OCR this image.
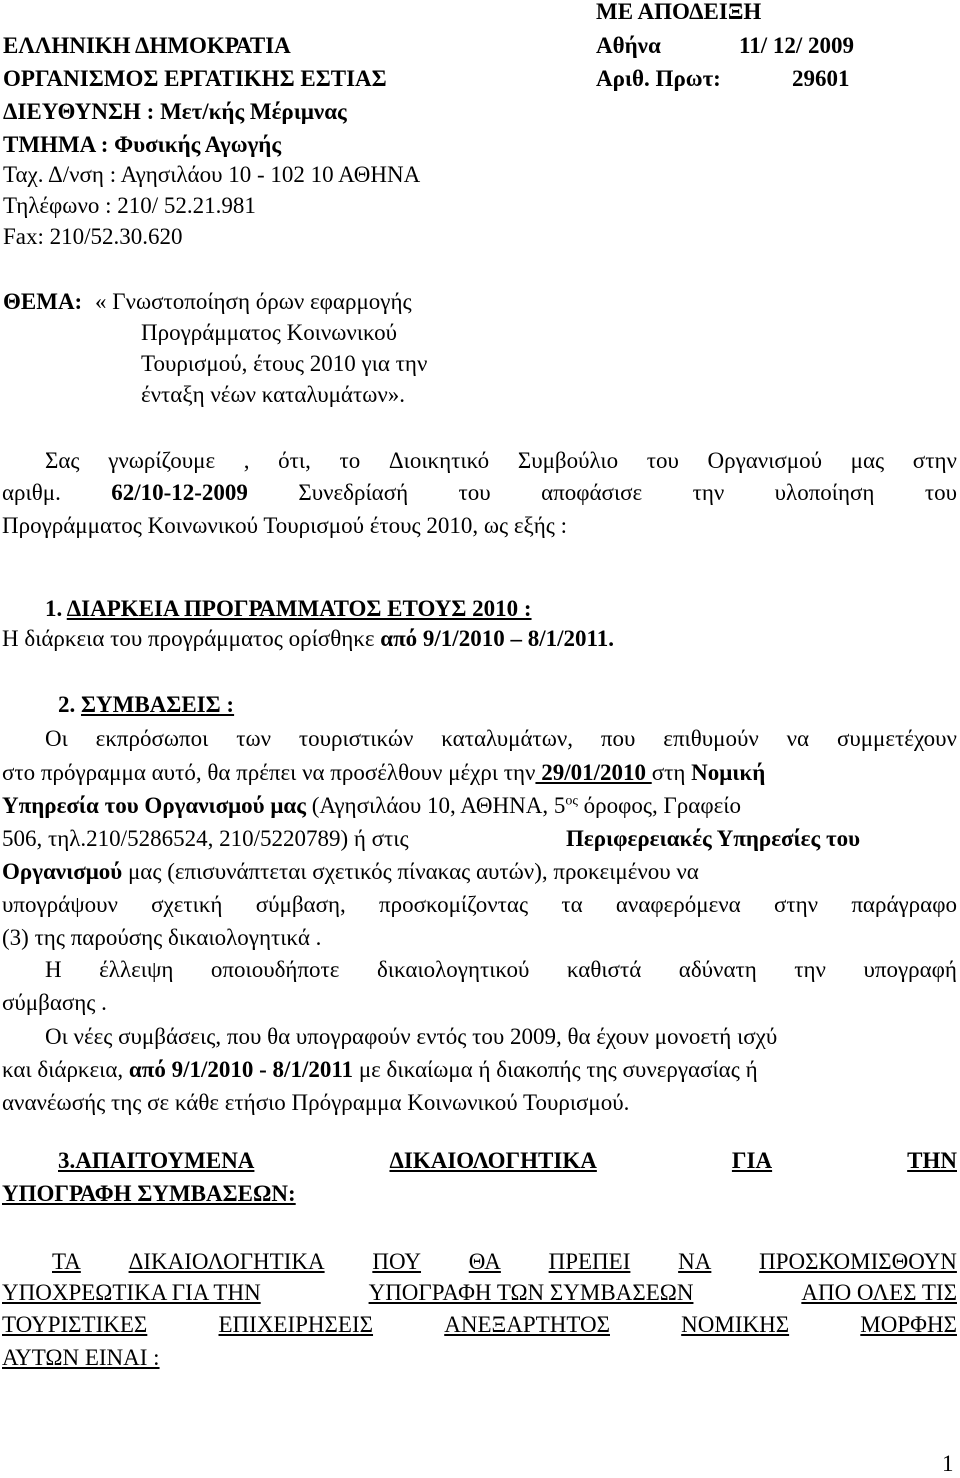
ΜΕ ΑΠΟΔΕΙΞΗ
ΕΛΛΗΝΙΚΗ ΔΗΜΟΚΡΑΤΙΑ
ΟΡΓΑΝΙΣΜΟΣ ΕΡΓΑΤΙΚΗΣ ΕΣΤΙΑΣ
ΔΙΕΥΘΥΝΣΗ : Μετ/κής Μέριμνας
ΤΜΗΜΑ : Φυσικής Αγωγής
Ταχ. Δ/νση : Αγησιλάου 10 - 102 10 ΑΘΗΝΑ
Τηλέφωνο : 210/ 52.21.981
Fax: 210/52.30.620
Αθήνα	11/ 12/ 2009
Αριθ. Πρωτ:	29601
ΘΕΜΑ: « Γνωστοποίηση όρων εφαρμογής
Προγράμματος Κοινωνικού
Τουρισμού, έτους 2010 για την
ένταξη νέων καταλυμάτων».
Σας γνωρίζουμε , ότι, το Διοικητικό Συμβούλιο του Οργανισμού μας στην
αριθμ. 62/10-12-2009 Συνεδρίασή του αποφάσισε την υλοποίηση του
Προγράμματος Κοινωνικού Τουρισμού έτους 2010, ως εξής :
1. ΔΙΑΡΚΕΙΑ ΠΡΟΓΡΑΜΜΑΤΟΣ ΕΤΟΥΣ 2010 :
Η διάρκεια του προγράμματος ορίσθηκε από 9/1/2010 – 8/1/2011.
2. ΣΥΜΒΑΣΕΙΣ :
Οι εκπρόσωποι των τουριστικών καταλυμάτων, που επιθυμούν να συμμετέχουν
στο πρόγραμμα αυτό, θα πρέπει να προσέλθουν μέχρι την 29/01/2010 στη Νομική
Υπηρεσία του Οργανισμού μας (Αγησιλάου 10, ΑΘΗΝΑ, $5^{o\varsigma}$ όροφος, Γραφείο
506, τηλ.210/5286524, 210/5220789) ή στις	Περιφερειακές Υπηρεσίες του
Οργανισμού μας (επισυνάπτεται σχετικός πίνακας αυτών), προκειμένου να
υπογράψουν σχετική σύμβαση, προσκομίζοντας τα αναφερόμενα στην παράγραφο
(3) της παρούσης δικαιολογητικά .
Η έλλειψη οποιουδήποτε δικαιολογητικού καθιστά αδύνατη την υπογραφή
σύμβασης .
Οι νέες συμβάσεις, που θα υπογραφούν εντός του 2009, θα έχουν μονοετή ισχύ
και διάρκεια, από 9/1/2010 - 8/1/2011 με δικαίωμα ή διακοπής της συνεργασίας ή
ανανέωσής της σε κάθε ετήσιο Πρόγραμμα Κοινωνικού Τουρισμού.
3.ΑΠΑΙΤΟΥΜΕΝΑ	ΔΙΚΑΙΟΛΟΓΗΤΙΚΑ	ΓΙΑ	ΤΗΝ
ΥΠΟΓΡΑΦΗ ΣΥΜΒΑΣΕΩΝ:
ΤΑ ΔΙΚΑΙΟΛΟΓΗΤΙΚΑ ΠΟΥ ΘΑ ΠΡΕΠΕΙ ΝΑ ΠΡΟΣΚΟΜΙΣΘΟΥΝ
ΥΠΟΧΡΕΩΤΙΚΑ ΓΙΑ ΤΗΝ	ΥΠΟΓΡΑΦΗ ΤΩΝ ΣΥΜΒΑΣΕΩΝ	ΑΠΟ ΟΛΕΣ ΤΙΣ
ΤΟΥΡΙΣΤΙΚΕΣ	ΕΠΙΧΕΙΡΗΣΕΙΣ	ΑΝΕΞΑΡΤΗΤΟΣ	ΝΟΜΙΚΗΣ	ΜΟΡΦΗΣ
ΑΥΤΩΝ ΕΙΝΑΙ :
1
